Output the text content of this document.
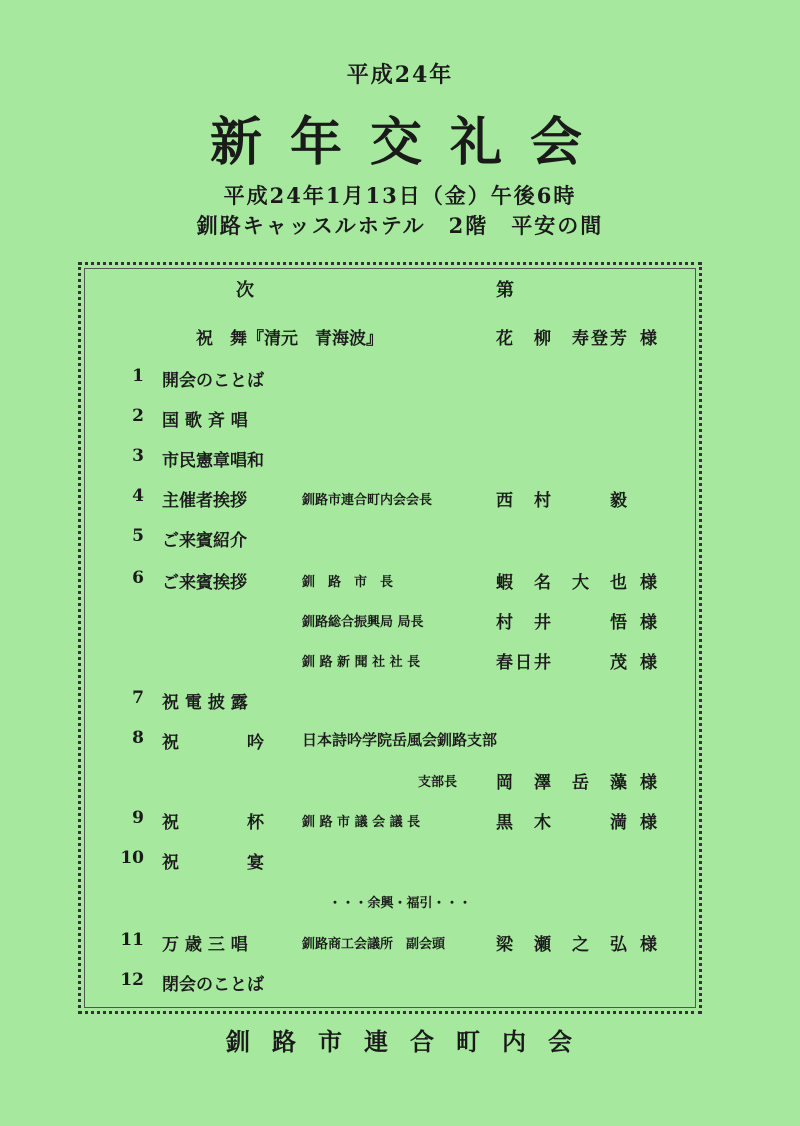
平成24年
新年交礼会
平成24年1月13日（金）午後6時
釧路キャッスルホテル　2階　平安の間
次	第
祝　舞『清元　青海波』	花　柳　寿登芳 様
1 開会のことば
2 国 歌 斉 唱
3 市民憲章唱和
4 主催者挨拶	釧路市連合町内会会長	西　村　　　毅
5 ご来賓紹介
6 ご来賓挨拶	釧　路　市　長	蝦　名　大　也 様
釧路総合振興局 局長	村　井　　　悟 様
釧 路 新 聞 社 社 長	春日井　　　茂 様
7 祝 電 披 露
8 祝　　　　吟	日本詩吟学院岳風会釧路支部
支部長 岡　澤　岳　藻 様
9 祝　　　　杯	釧 路 市 議 会 議 長	黒　木　　　満 様
10 祝　　　　宴
・・・余興・福引・・・
11 万 歳 三 唱	釧路商工会議所　副会頭	梁　瀬　之　弘 様
12 閉会のことば
釧路市連合町内会
